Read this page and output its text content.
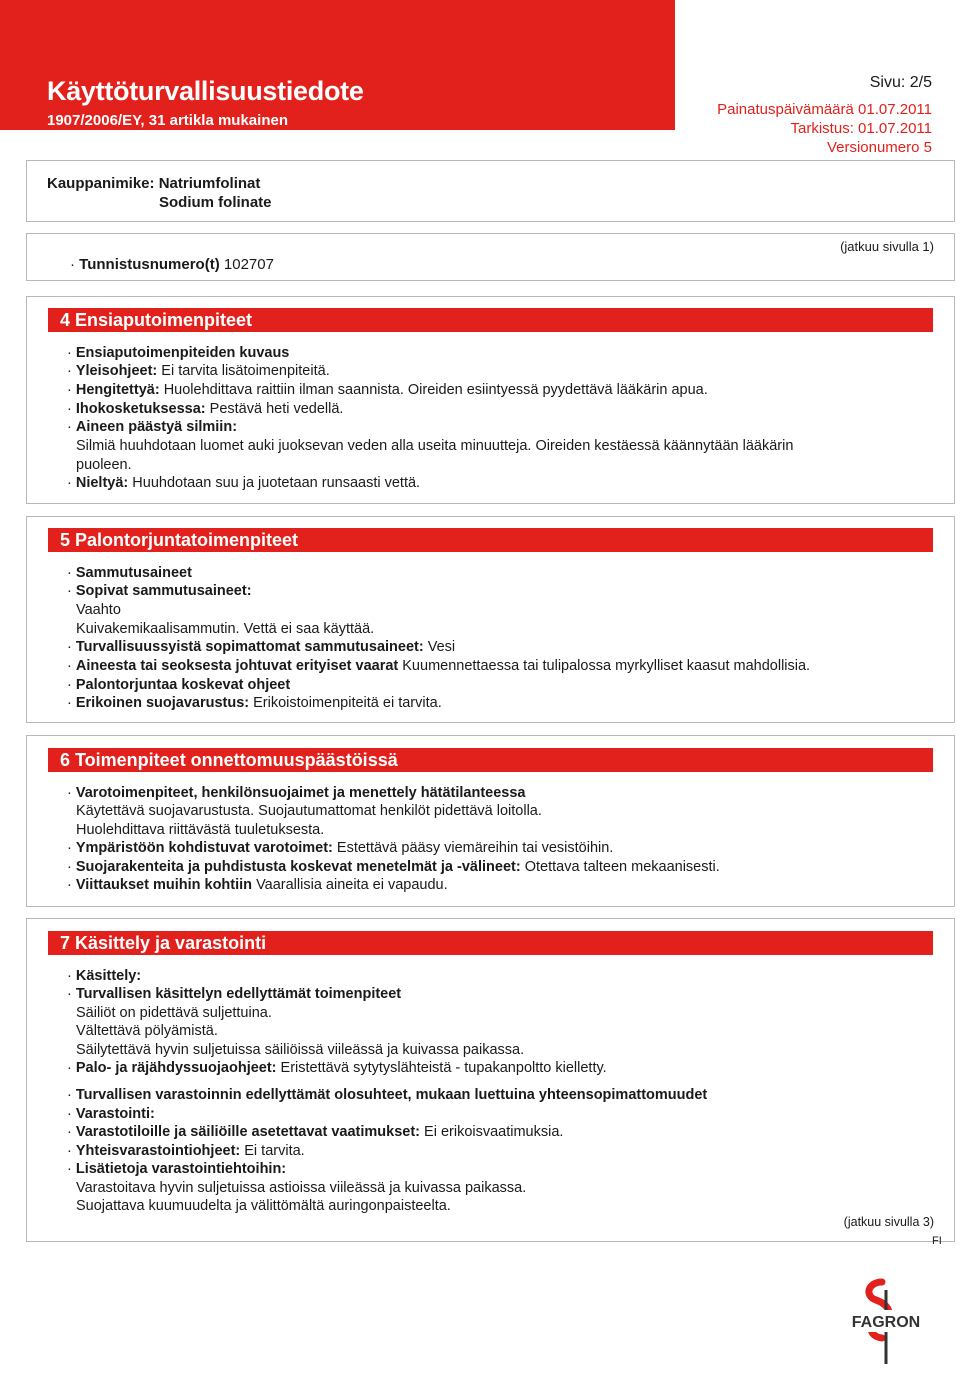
Käyttöturvallisuustiedote
1907/2006/EY, 31 artikla mukainen
Sivu: 2/5
Painatuspäivämäärä 01.07.2011
Tarkistus: 01.07.2011
Versionumero 5
Kauppanimike: Natriumfolinat
Sodium folinate
· Tunnistusnumero(t) 102707
(jatkuu sivulla 1)
4 Ensiaputoimenpiteet
· Ensiaputoimenpiteiden kuvaus
· Yleisohjeet: Ei tarvita lisätoimenpiteitä.
· Hengitettyä: Huolehdittava raittiin ilman saannista. Oireiden esiintyessä pyydettävä lääkärin apua.
· Ihokosketuksessa: Pestävä heti vedellä.
· Aineen päästyä silmiin:
Silmiä huuhdotaan luomet auki juoksevan veden alla useita minuutteja. Oireiden kestäessä käännytään lääkärin
puoleen.
· Nieltyä: Huuhdotaan suu ja juotetaan runsaasti vettä.
5 Palontorjuntatoimenpiteet
· Sammutusaineet
· Sopivat sammutusaineet:
Vaahto
Kuivakemikaalisammutin. Vettä ei saa käyttää.
· Turvallisuussyistä sopimattomat sammutusaineet: Vesi
· Aineesta tai seoksesta johtuvat erityiset vaarat Kuumennettaessa tai tulipalossa myrkylliset kaasut mahdollisia.
· Palontorjuntaa koskevat ohjeet
· Erikoinen suojavarustus: Erikoistoimenpiteitä ei tarvita.
6 Toimenpiteet onnettomuuspäästöissä
· Varotoimenpiteet, henkilönsuojaimet ja menettely hätätilanteessa
Käytettävä suojavarustusta. Suojautumattomat henkilöt pidettävä loitolla.
Huolehdittava riittävästä tuuletuksesta.
· Ympäristöön kohdistuvat varotoimet: Estettävä pääsy viemäreihin tai vesistöihin.
· Suojarakenteita ja puhdistusta koskevat menetelmät ja -välineet: Otettava talteen mekaanisesti.
· Viittaukset muihin kohtiin Vaarallisia aineita ei vapaudu.
7 Käsittely ja varastointi
· Käsittely:
· Turvallisen käsittelyn edellyttämät toimenpiteet
Säiliöt on pidettävä suljettuina.
Vältettävä pölyämistä.
Säilytettävä hyvin suljetuissa säiliöissä viileässä ja kuivassa paikassa.
· Palo- ja räjähdyssuojaohjeet: Eristettävä sytytyslähteistä - tupakanpoltto kielletty.
· Turvallisen varastoinnin edellyttämät olosuhteet, mukaan luettuina yhteensopimattomuudet
· Varastointi:
· Varastotiloille ja säiliöille asetettavat vaatimukset: Ei erikoisvaatimuksia.
· Yhteisvarastointiohjeet: Ei tarvita.
· Lisätietoja varastointiehtoihin:
Varastoitava hyvin suljetuissa astioissa viileässä ja kuivassa paikassa.
Suojattava kuumuudelta ja välittömältä auringonpaisteelta.
(jatkuu sivulla 3)
FI
FAGRON
